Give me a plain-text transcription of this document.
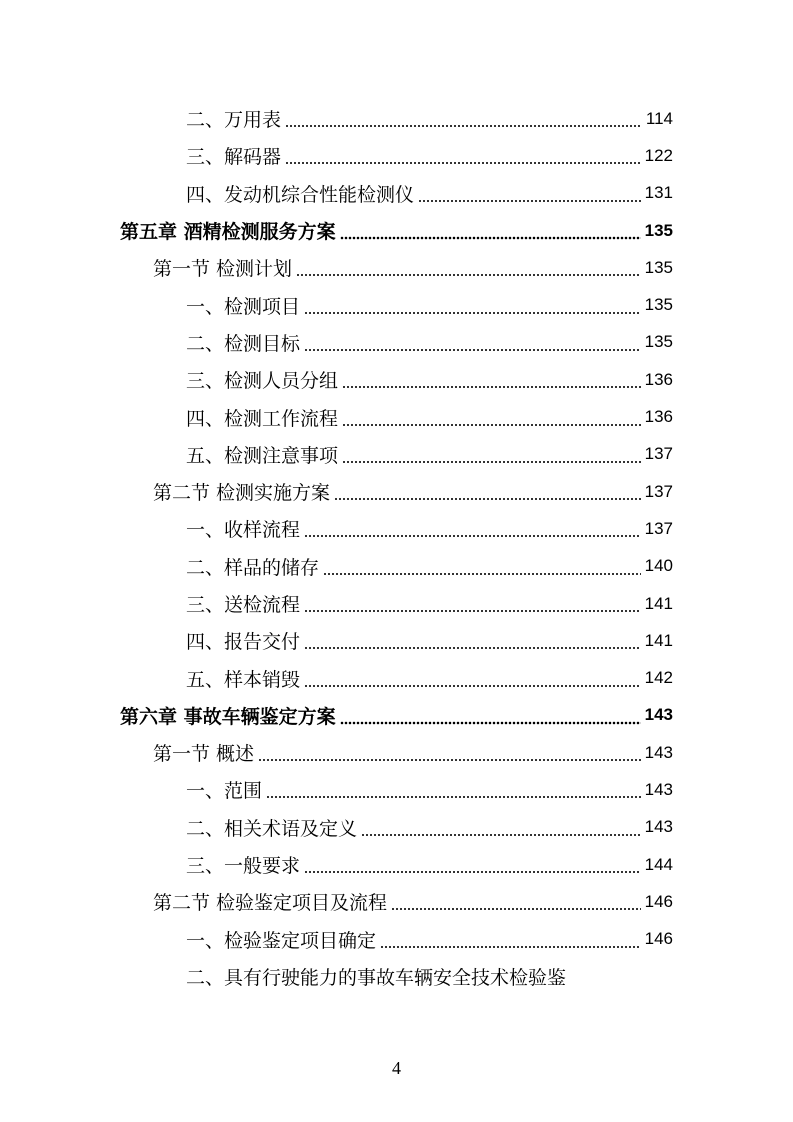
二、万用表	114
三、解码器	122
四、发动机综合性能检测仪	131
第五章 酒精检测服务方案	135
第一节 检测计划	135
一、检测项目	135
二、检测目标	135
三、检测人员分组	136
四、检测工作流程	136
五、检测注意事项	137
第二节 检测实施方案	137
一、收样流程	137
二、样品的储存	140
三、送检流程	141
四、报告交付	141
五、样本销毁	142
第六章 事故车辆鉴定方案	143
第一节 概述	143
一、范围	143
二、相关术语及定义	143
三、一般要求	144
第二节 检验鉴定项目及流程	146
一、检验鉴定项目确定	146
二、具有行驶能力的事故车辆安全技术检验鉴
4
